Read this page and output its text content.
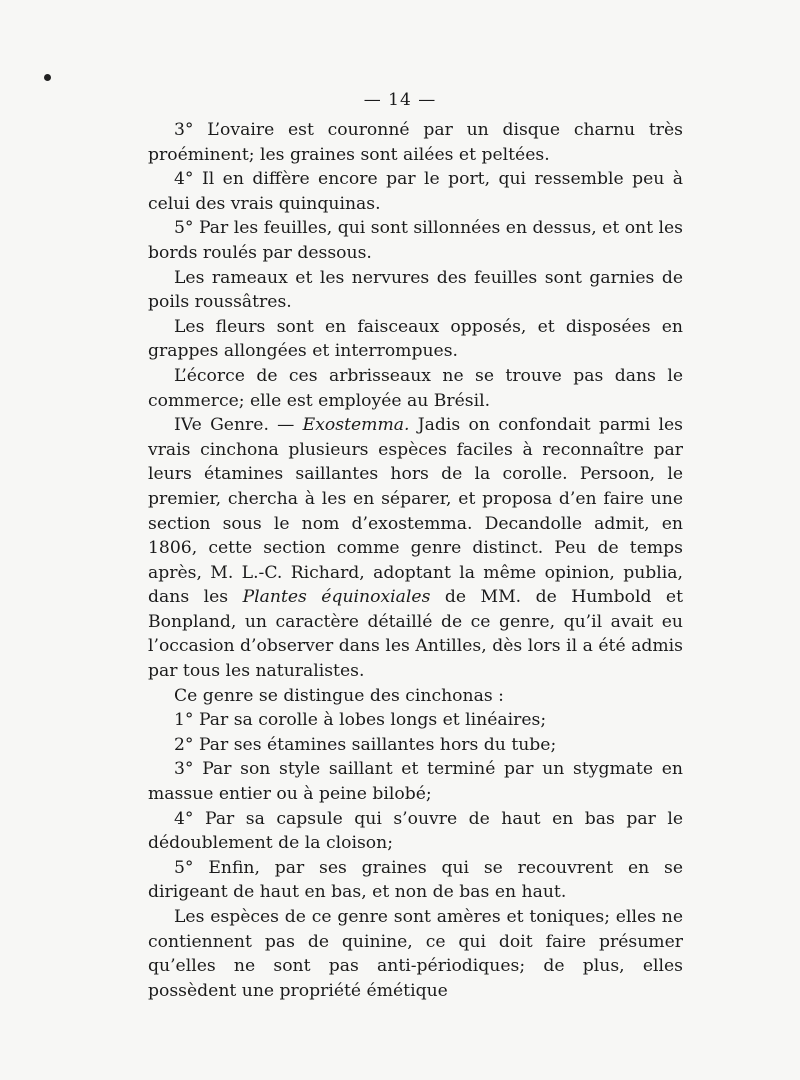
— 14 —

3° L’ovaire est couronné par un disque charnu très proéminent; les graines sont ailées et peltées.

4° Il en diffère encore par le port, qui ressemble peu à celui des vrais quinquinas.

5° Par les feuilles, qui sont sillonnées en dessus, et ont les bords roulés par dessous.

Les rameaux et les nervures des feuilles sont garnies de poils roussâtres.

Les fleurs sont en faisceaux opposés, et disposées en grappes allongées et interrompues.

L’écorce de ces arbrisseaux ne se trouve pas dans le commerce; elle est employée au Brésil.

IVe Genre. — Exostemma. Jadis on confondait parmi les vrais cinchona plusieurs espèces faciles à reconnaître par leurs étamines saillantes hors de la corolle. Persoon, le premier, chercha à les en séparer, et proposa d’en faire une section sous le nom d’exostemma. Decandolle admit, en 1806, cette section comme genre distinct. Peu de temps après, M. L.-C. Richard, adoptant la même opinion, publia, dans les Plantes équinoxiales de MM. de Humbold et Bonpland, un caractère détaillé de ce genre, qu’il avait eu l’occasion d’observer dans les Antilles, dès lors il a été admis par tous les naturalistes.

Ce genre se distingue des cinchonas :

1° Par sa corolle à lobes longs et linéaires;

2° Par ses étamines saillantes hors du tube;

3° Par son style saillant et terminé par un stygmate en massue entier ou à peine bilobé;

4° Par sa capsule qui s’ouvre de haut en bas par le dédoublement de la cloison;

5° Enfin, par ses graines qui se recouvrent en se dirigeant de haut en bas, et non de bas en haut.

Les espèces de ce genre sont amères et toniques; elles ne contiennent pas de quinine, ce qui doit faire présumer qu’elles ne sont pas anti-périodiques; de plus, elles possèdent une propriété émétique
